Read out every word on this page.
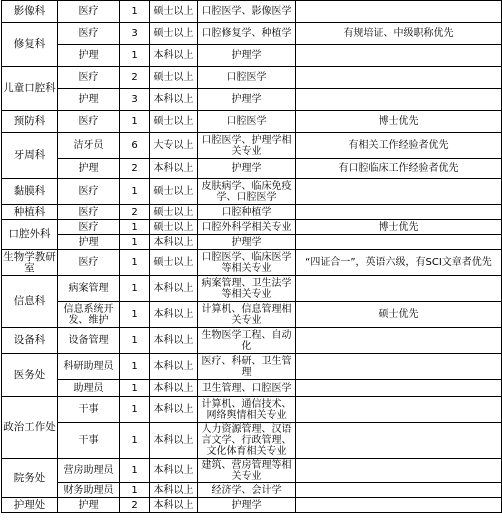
影像科	医疗	1	硕士以上	口腔医学、影像医学	
修复科	医疗	3	硕士以上	口腔修复学、种植学	有规培证、中级职称优先
	护理	1	本科以上	护理学	
儿童口腔科	医疗	2	硕士以上	口腔医学	
	护理	3	本科以上	护理学	
预防科	医疗	1	硕士以上	口腔医学	博士优先
牙周科	洁牙员	6	大专以上	口腔医学、护理学相关专业	有相关工作经验者优先
	护理	2	本科以上	护理学	有口腔临床工作经验者优先
黏膜科	医疗	1	硕士以上	皮肤病学、临床免疫学、口腔医学	
种植科	医疗	2	硕士以上	口腔种植学	
口腔外科	医疗	1	硕士以上	口腔外科学相关专业	博士优先
	护理	1	本科以上	护理学	
生物学教研室	医疗	1	硕士以上	口腔医学、临床医学等相关专业	“四证合一”，英语六级，有SCI文章者优先
信息科	病案管理	1	本科以上	病案管理、卫生法学等相关专业	
	信息系统开发、维护	1	本科以上	计算机、信息管理相关专业	硕士优先
设备科	设备管理	1	本科以上	生物医学工程、自动化	
医务处	科研助理员	1	本科以上	医疗、科研、卫生管理	
	助理员	1	本科以上	卫生管理、口腔医学	
政治工作处	干事	1	本科以上	计算机、通信技术、网络舆情相关专业	
	干事	1	本科以上	人力资源管理、汉语言文学、行政管理、文化体育相关专业	
院务处	营房助理员	1	本科以上	建筑、营房管理等相关专业	
	财务助理员	1	本科以上	经济学、会计学	
护理处	护理	2	本科以上	护理学	
